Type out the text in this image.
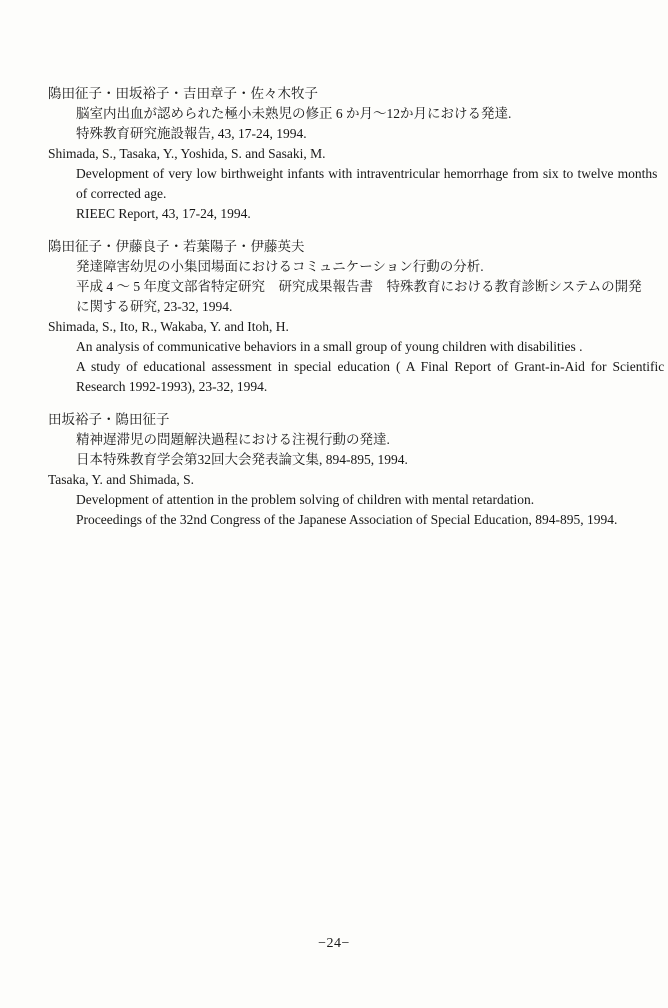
隝田征子・田坂裕子・吉田章子・佐々木牧子

脳室内出血が認められた極小未熟児の修正 6 か月～12か月における発達.

特殊教育研究施設報告, 43, 17-24, 1994.

Shimada, S., Tasaka, Y., Yoshida, S. and Sasaki, M.

Development of very low birthweight infants with intraventricular hemorrhage from six to twelve months

of corrected age.

RIEEC Report, 43, 17-24, 1994.

隝田征子・伊藤良子・若葉陽子・伊藤英夫

発達障害幼児の小集団場面におけるコミュニケーション行動の分析.

平成 4 ～ 5 年度文部省特定研究　研究成果報告書　特殊教育における教育診断システムの開発

に関する研究, 23-32, 1994.

Shimada, S., Ito, R., Wakaba, Y. and Itoh, H.

An analysis of communicative behaviors in a small group of young children with disabilities .

A study of educational assessment in special education ( A Final Report of Grant-in-Aid for Scientific

Research 1992-1993), 23-32, 1994.

田坂裕子・隝田征子

精神遅滞児の問題解決過程における注視行動の発達.

日本特殊教育学会第32回大会発表論文集, 894-895, 1994.

Tasaka, Y. and Shimada, S.

Development of attention in the problem solving of children with mental retardation.

Proceedings of the 32nd Congress of the Japanese Association of Special Education, 894-895, 1994.

−24−
